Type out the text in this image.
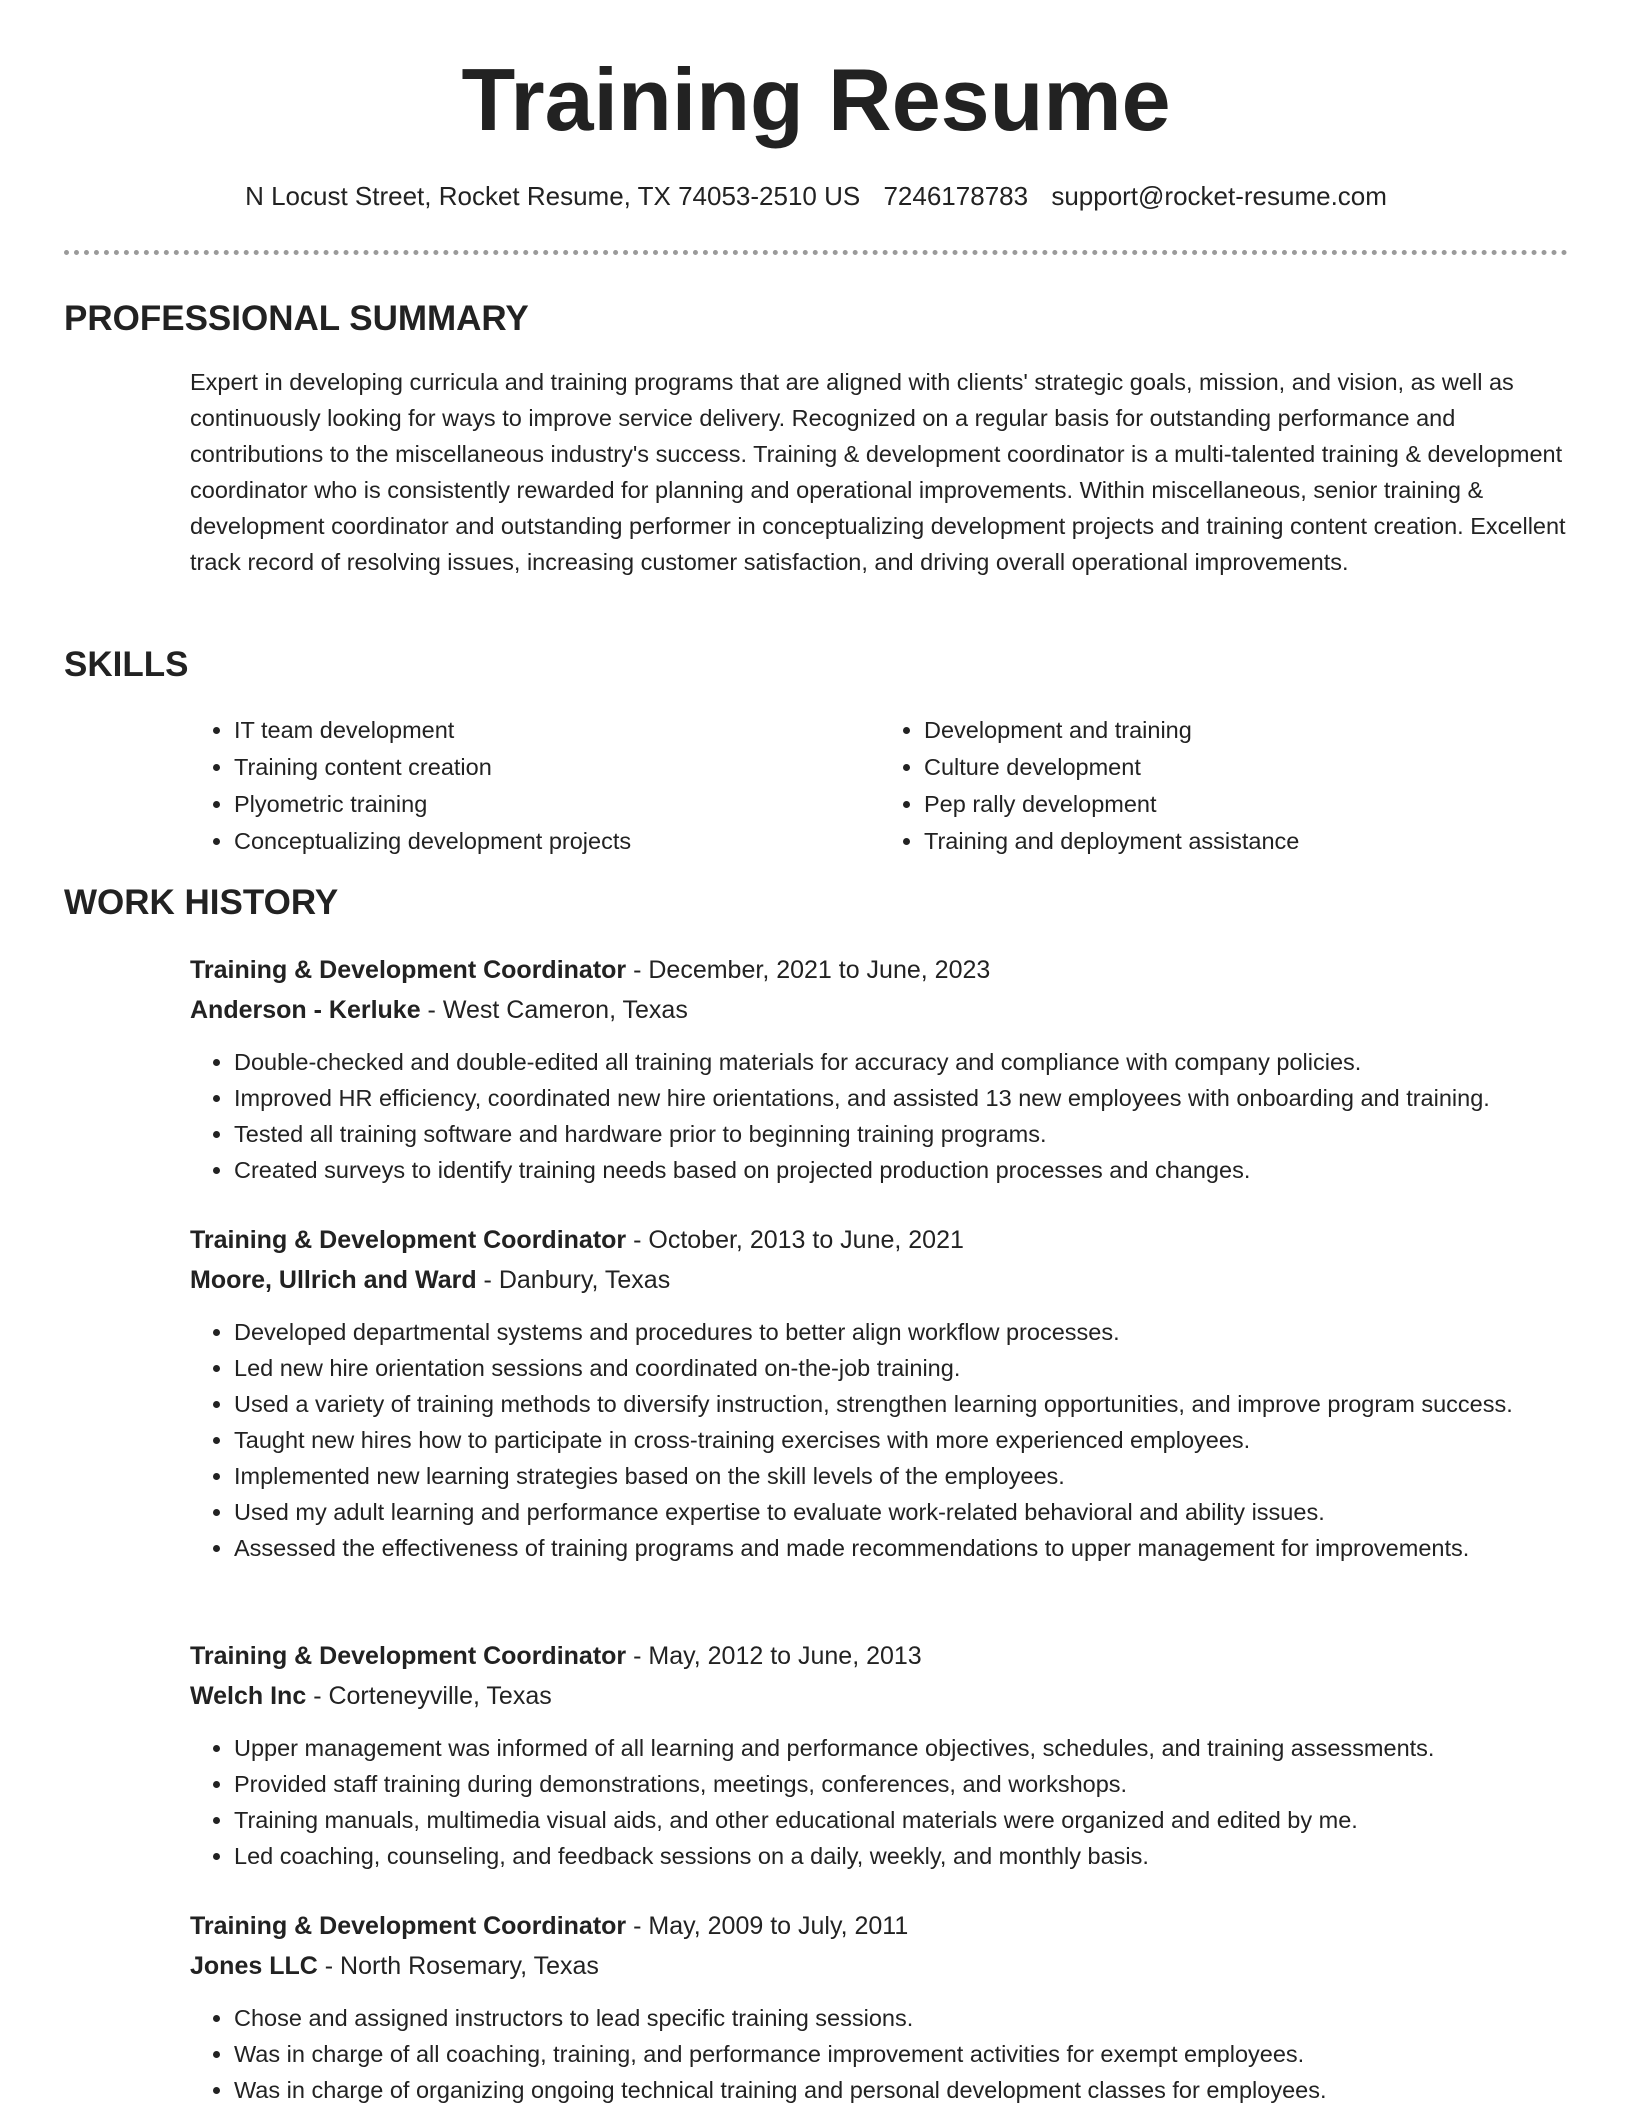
Training Resume
N Locust Street, Rocket Resume, TX 74053-2510 US 7246178783 support@rocket-resume.com
PROFESSIONAL SUMMARY

Expert in developing curricula and training programs that are aligned with clients' strategic goals, mission, and vision, as well as continuously looking for ways to improve service delivery. Recognized on a regular basis for outstanding performance and contributions to the miscellaneous industry's success. Training & development coordinator is a multi-talented training & development coordinator who is consistently rewarded for planning and operational improvements. Within miscellaneous, senior training & development coordinator and outstanding performer in conceptualizing development projects and training content creation. Excellent track record of resolving issues, increasing customer satisfaction, and driving overall operational improvements.

SKILLS
• IT team development
• Training content creation
• Plyometric training
• Conceptualizing development projects
• Development and training
• Culture development
• Pep rally development
• Training and deployment assistance
WORK HISTORY

Training & Development Coordinator - December, 2021 to June, 2023

Anderson - Kerluke - West Cameron, Texas

• Double-checked and double-edited all training materials for accuracy and compliance with company policies.
• Improved HR efficiency, coordinated new hire orientations, and assisted 13 new employees with onboarding and training.
• Tested all training software and hardware prior to beginning training programs.
• Created surveys to identify training needs based on projected production processes and changes.

Training & Development Coordinator - October, 2013 to June, 2021

Moore, Ullrich and Ward - Danbury, Texas

• Developed departmental systems and procedures to better align workflow processes.
• Led new hire orientation sessions and coordinated on-the-job training.
• Used a variety of training methods to diversify instruction, strengthen learning opportunities, and improve program success.
• Taught new hires how to participate in cross-training exercises with more experienced employees.
• Implemented new learning strategies based on the skill levels of the employees.
• Used my adult learning and performance expertise to evaluate work-related behavioral and ability issues.
• Assessed the effectiveness of training programs and made recommendations to upper management for improvements.

Training & Development Coordinator - May, 2012 to June, 2013

Welch Inc - Corteneyville, Texas

• Upper management was informed of all learning and performance objectives, schedules, and training assessments.
• Provided staff training during demonstrations, meetings, conferences, and workshops.
• Training manuals, multimedia visual aids, and other educational materials were organized and edited by me.
• Led coaching, counseling, and feedback sessions on a daily, weekly, and monthly basis.

Training & Development Coordinator - May, 2009 to July, 2011

Jones LLC - North Rosemary, Texas

• Chose and assigned instructors to lead specific training sessions.
• Was in charge of all coaching, training, and performance improvement activities for exempt employees.
• Was in charge of organizing ongoing technical training and personal development classes for employees.
